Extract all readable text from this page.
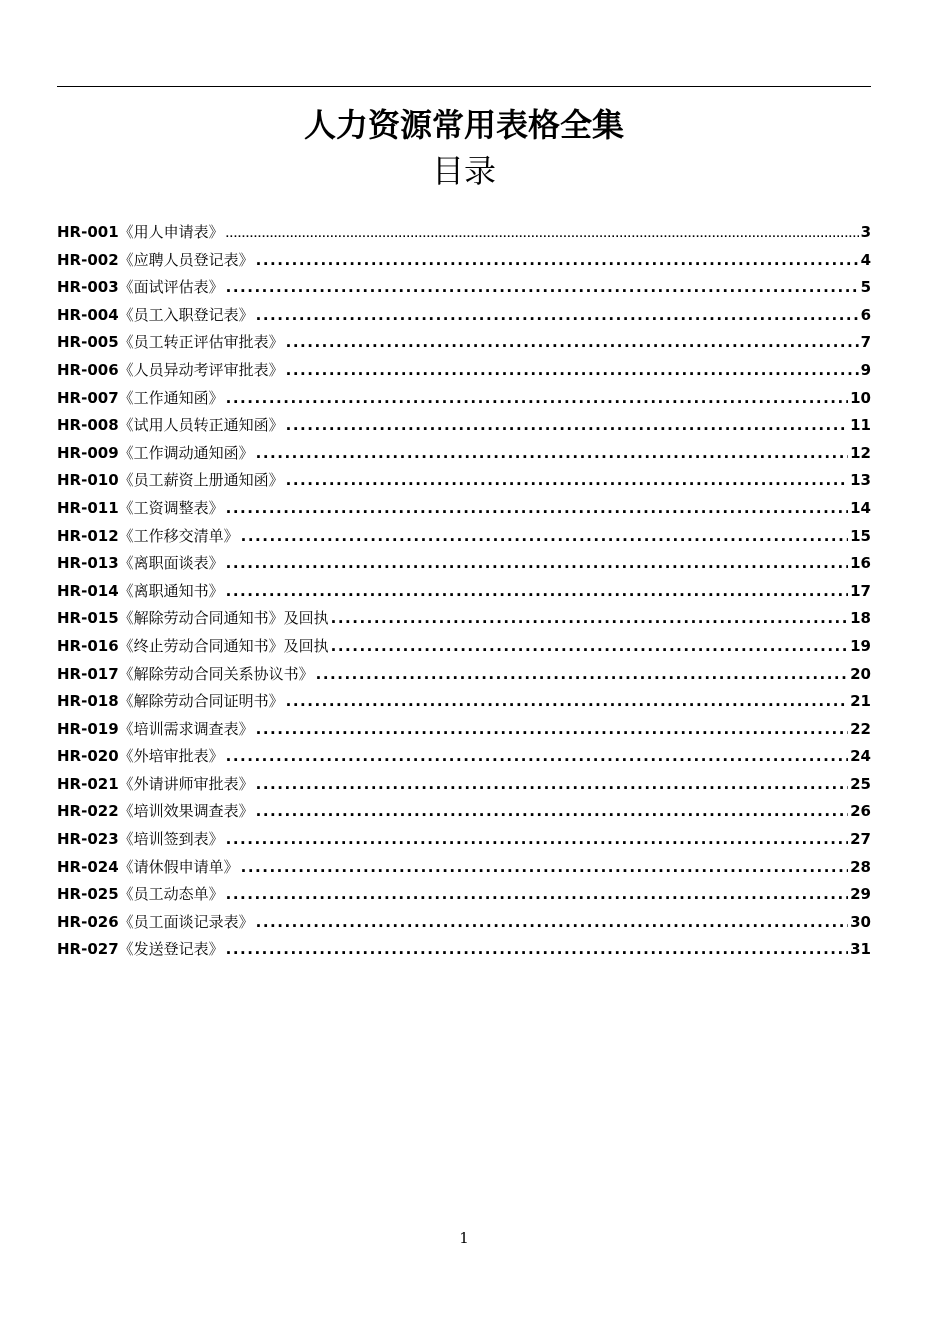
人力资源常用表格全集
目录
HR-001 《用人申请表》 .....	3
HR-002 《应聘人员登记表》 .....	4
HR-003 《面试评估表》 .....	5
HR-004 《员工入职登记表》 .....	6
HR-005 《员工转正评估审批表》 .....	7
HR-006 《人员异动考评审批表》 .....	9
HR-007 《工作通知函》 .....	10
HR-008 《试用人员转正通知函》 .....	11
HR-009 《工作调动通知函》 .....	12
HR-010 《员工薪资上册通知函》 .....	13
HR-011 《工资调整表》 .....	14
HR-012 《工作移交清单》 .....	15
HR-013 《离职面谈表》 .....	16
HR-014 《离职通知书》 .....	17
HR-015 《解除劳动合同通知书》及回执 .....	18
HR-016 《终止劳动合同通知书》及回执 .....	19
HR-017 《解除劳动合同关系协议书》 .....	20
HR-018 《解除劳动合同证明书》 .....	21
HR-019 《培训需求调查表》 .....	22
HR-020 《外培审批表》 .....	24
HR-021 《外请讲师审批表》 .....	25
HR-022 《培训效果调查表》 .....	26
HR-023 《培训签到表》 .....	27
HR-024 《请休假申请单》 .....	28
HR-025 《员工动态单》 .....	29
HR-026 《员工面谈记录表》 .....	30
HR-027 《发送登记表》 .....	31
1
